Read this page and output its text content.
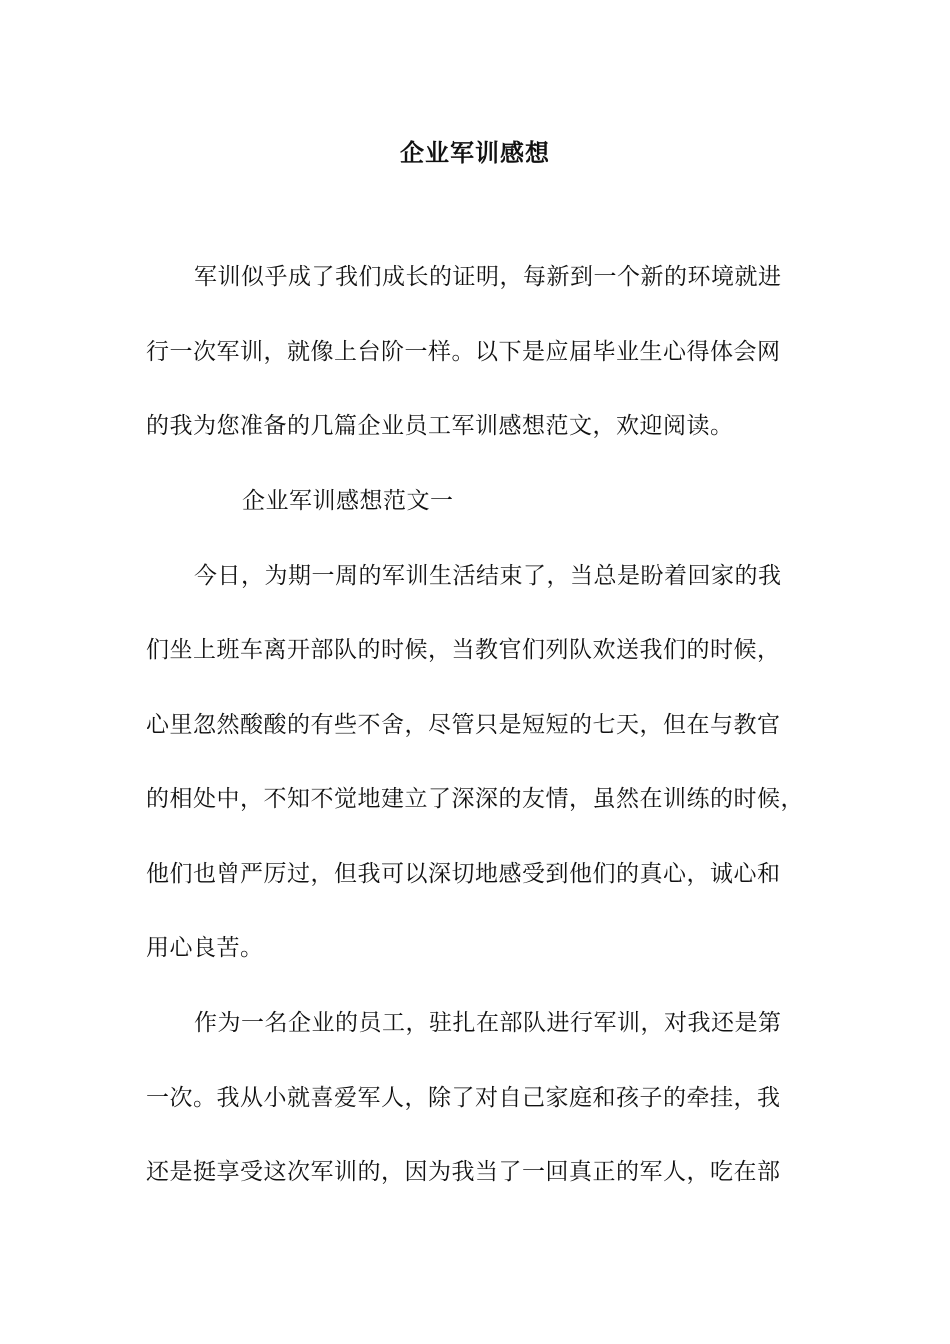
企业军训感想
军训似乎成了我们成长的证明，每新到一个新的环境就进
行一次军训，就像上台阶一样。以下是应届毕业生心得体会网
的我为您准备的几篇企业员工军训感想范文，欢迎阅读。
企业军训感想范文一
今日，为期一周的军训生活结束了，当总是盼着回家的我
们坐上班车离开部队的时候，当教官们列队欢送我们的时候，
心里忽然酸酸的有些不舍，尽管只是短短的七天，但在与教官
的相处中，不知不觉地建立了深深的友情，虽然在训练的时候，
他们也曾严厉过，但我可以深切地感受到他们的真心，诚心和
用心良苦。
作为一名企业的员工，驻扎在部队进行军训，对我还是第
一次。我从小就喜爱军人，除了对自己家庭和孩子的牵挂，我
还是挺享受这次军训的，因为我当了一回真正的军人，吃在部
